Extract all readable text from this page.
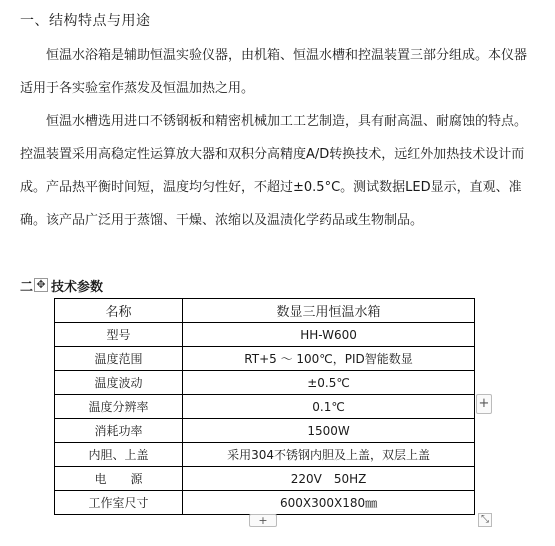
一、结构特点与用途
恒温水浴箱是辅助恒温实验仪器，由机箱、恒温水槽和控温装置三部分组成。本仪器适用于各实验室作蒸发及恒温加热之用。
恒温水槽选用进口不锈钢板和精密机械加工工艺制造，具有耐高温、耐腐蚀的特点。控温装置采用高稳定性运算放大器和双积分高精度A/D转换技术，远红外加热技术设计而成。产品热平衡时间短，温度均匀性好，不超过±0.5°C。测试数据LED显示，直观、准确。 该产品广泛用于蒸馏、干燥、浓缩以及温渍化学药品或生物制品。
二 ✥ 技术参数
名称	数显三用恒温水箱
型号	HH-W600
温度范围	RT+5 ～ 100℃，PID智能数显
温度波动	±0.5℃
温度分辨率	0.1℃
消耗功率	1500W
内胆、上盖	采用304不锈钢内胆及上盖，双层上盖
电　　源	220V　50HZ
工作室尺寸	600X300X180㎜
+
+	⤡
